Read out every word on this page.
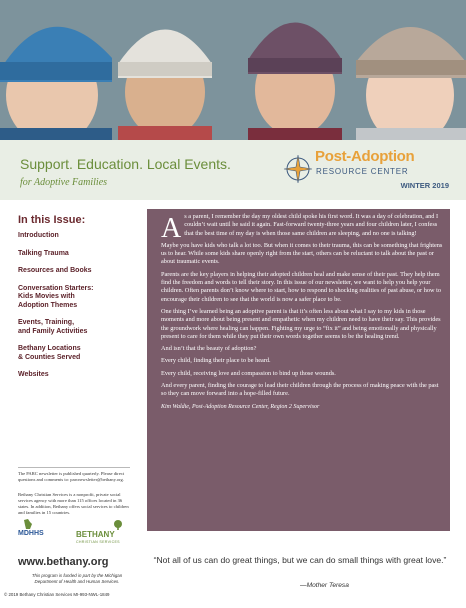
Support. Education. Local Events.
for Adoptive Families
Post-Adoption
RESOURCE CENTER
WINTER 2019
In this Issue:
Introduction
Talking Trauma
Resources and Books
Conversation Starters:
Kids Movies with
Adoption Themes
Events, Training,
and Family Activities
Bethany Locations
& Counties Served
Websites
The PARC newsletter is published quarterly. Please direct questions and comments to: parcnewsletter@bethany.org.
Bethany Christian Services is a nonprofit, private social services agency with more than 115 offices located in 36 states. In addition, Bethany offers social services to children and families in 15 countries.
MDHHS	BETHANY
CHRISTIAN SERVICES
www.bethany.org
This program is funded in part by the Michigan Department of Health and Human Services.
© 2019 Bethany Christian Services MI-993-NWL-1849

As a parent, I remember the day my oldest child spoke his first word. It was a day of celebration, and I couldn’t wait until he said it again. Fast-forward twenty-three years and four children later, I confess that the best time of my day is when those same children are sleeping, and no one is talking!

Maybe you have kids who talk a lot too. But when it comes to their trauma, this can be something that frightens us to hear. While some kids share openly right from the start, others can be reluctant to talk about the past or about traumatic events.

Parents are the key players in helping their adopted children heal and make sense of their past. They help them find the freedom and words to tell their story. In this issue of our newsletter, we want to help you help your children. Often parents don’t know where to start, how to respond to shocking realities of past abuse, or how to encourage their children to see that the world is now a safer place to be.

One thing I’ve learned being an adoptive parent is that it’s often less about what I say to my kids in those moments and more about being present and empathetic when my children need to have their say. This provides the groundwork where healing can happen. Fighting my urge to “fix it” and being emotionally and physically present to care for them while they put their own words together seems to be the healing trend.

And isn’t that the beauty of adoption?

Every child, finding their place to be heard.

Every child, receiving love and compassion to bind up those wounds.

And every parent, finding the courage to lead their children through the process of making peace with the past so they can move forward into a hope-filled future.

Kim Waldie, Post-Adoption Resource Center, Region 2 Supervisor

“Not all of us can do great things, but we can do small things with great love.”
—Mother Teresa
